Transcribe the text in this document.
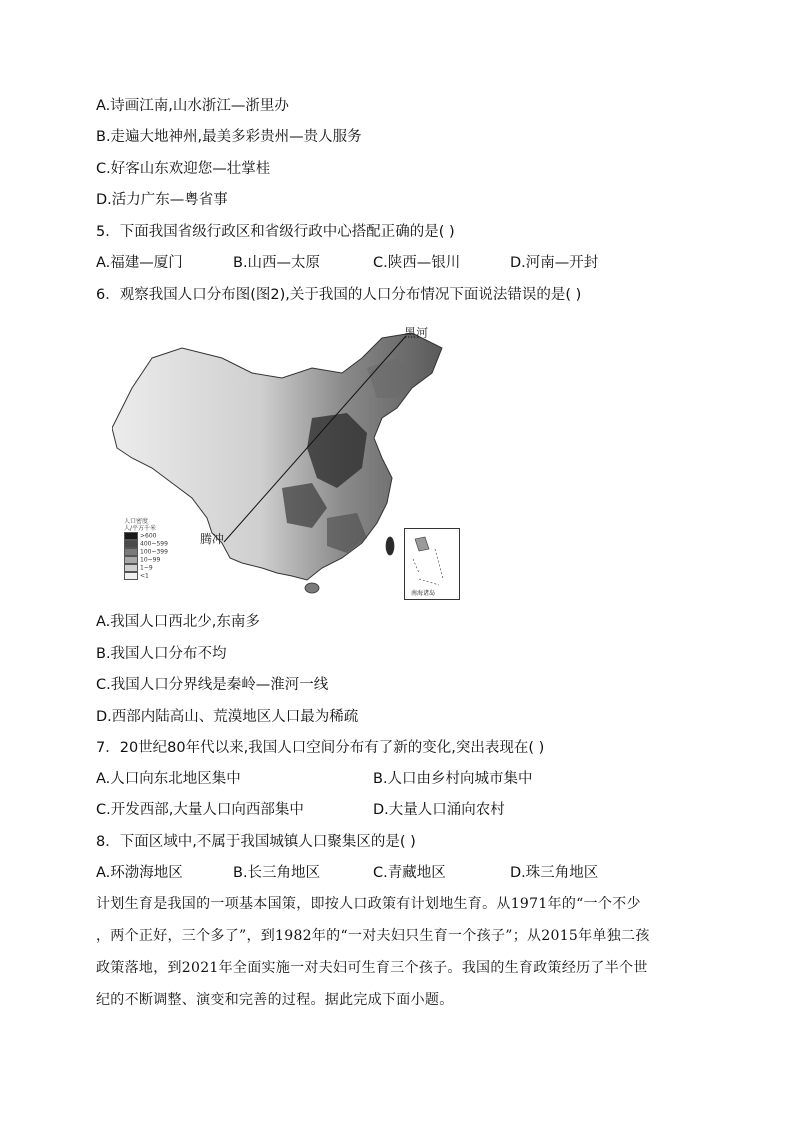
A.诗画江南,山水浙江—浙里办
B.走遍大地神州,最美多彩贵州—贵人服务
C.好客山东欢迎您—壮掌桂
D.活力广东—粤省事
5．下面我国省级行政区和省级行政中心搭配正确的是( )
A.福建—厦门	B.山西—太原	C.陕西—银川	D.河南—开封
6．观察我国人口分布图(图2),关于我国的人口分布情况下面说法错误的是( )
黑河
腾冲
人口密度
人/平方千米
>600
400~599
100~399
10~99
1~9
<1
南海诸岛
A.我国人口西北少,东南多
B.我国人口分布不均
C.我国人口分界线是秦岭—淮河一线
D.西部内陆高山、荒漠地区人口最为稀疏
7．20世纪80年代以来,我国人口空间分布有了新的变化,突出表现在( )
A.人口向东北地区集中	B.人口由乡村向城市集中
C.开发西部,大量人口向西部集中	D.大量人口涌向农村
8．下面区域中,不属于我国城镇人口聚集区的是( )
A.环渤海地区	B.长三角地区	C.青藏地区	D.珠三角地区
计划生育是我国的一项基本国策，即按人口政策有计划地生育。从1971年的“一个不少
，两个正好，三个多了”，到1982年的“一对夫妇只生育一个孩子”；从2015年单独二孩
政策落地，到2021年全面实施一对夫妇可生育三个孩子。我国的生育政策经历了半个世
纪的不断调整、演变和完善的过程。据此完成下面小题。
